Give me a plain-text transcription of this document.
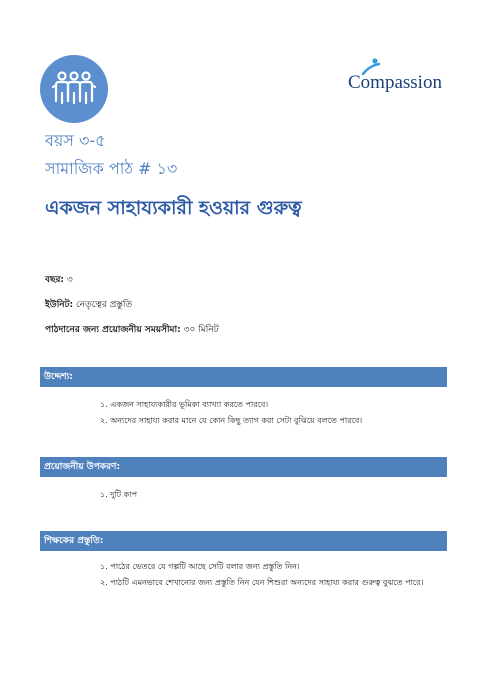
Compassion
বয়স ৩-৫
সামাজিক পাঠ # ১৩
একজন সাহায্যকারী হওয়ার গুরুত্ব
বছর: ৩
ইউনিট: নেতৃত্বের প্রস্তুতি
পাঠদানের জন্য প্রয়োজনীয় সময়সীমা: ৩০ মিনিট
উদ্দেশ্য:
১. একজন সাহায্যকারীর ভূমিকা ব্যাখ্যা করতে পারবে।
২. অন্যদের সাহায্য করার মানে যে কোন কিছু ত্যাগ করা সেটা বুঝিয়ে বলতে পারবে।
প্রয়োজনীয় উপকরণ:
১. দুটি কাপ
শিক্ষকের প্রস্তুতি:
১. পাঠের ভেতরে যে গল্পটি আছে সেটি বলার জন্য প্রস্তুতি নিন।
২. পাঠটি এমনভাবে শেখানোর জন্য প্রস্তুতি নিন যেন শিশুরা অন্যদের সাহায্য করার গুরুত্ব বুঝতে পারে।
